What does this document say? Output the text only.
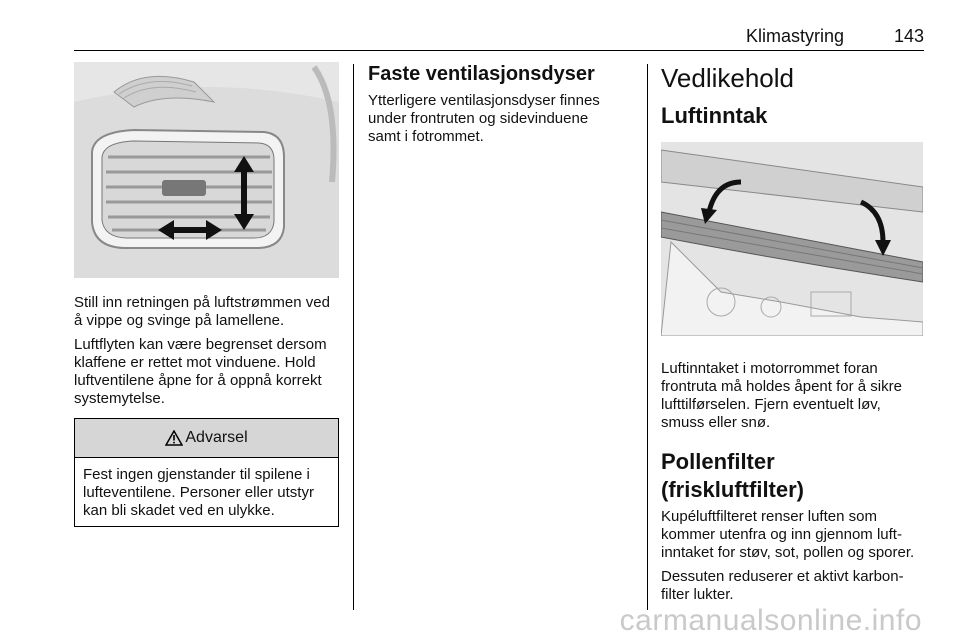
Klimastyring	143

Still inn retningen på luftstrømmen ved å vippe og svinge på lamellene.

Luftflyten kan være begrenset dersom klaffene er rettet mot vinduene. Hold luftventilene åpne for å oppnå korrekt systemytelse.

Advarsel

Fest ingen gjenstander til spilene i lufteventilene. Personer eller utstyr kan bli skadet ved en ulykke.

Faste ventilasjonsdyser

Ytterligere ventilasjonsdyser finnes under frontruten og sidevinduene samt i fotrommet.

Vedlikehold
Luftinntak

Luftinntaket i motorrommet foran frontruta må holdes åpent for å sikre lufttilførselen. Fjern eventuelt løv, smuss eller snø.

Pollenfilter (friskluftfilter)

Kupéluftfilteret renser luften som kommer utenfra og inn gjennom luft-inntaket for støv, sot, pollen og sporer.

Dessuten reduserer et aktivt karbon-filter lukter.

carmanualsonline.info
